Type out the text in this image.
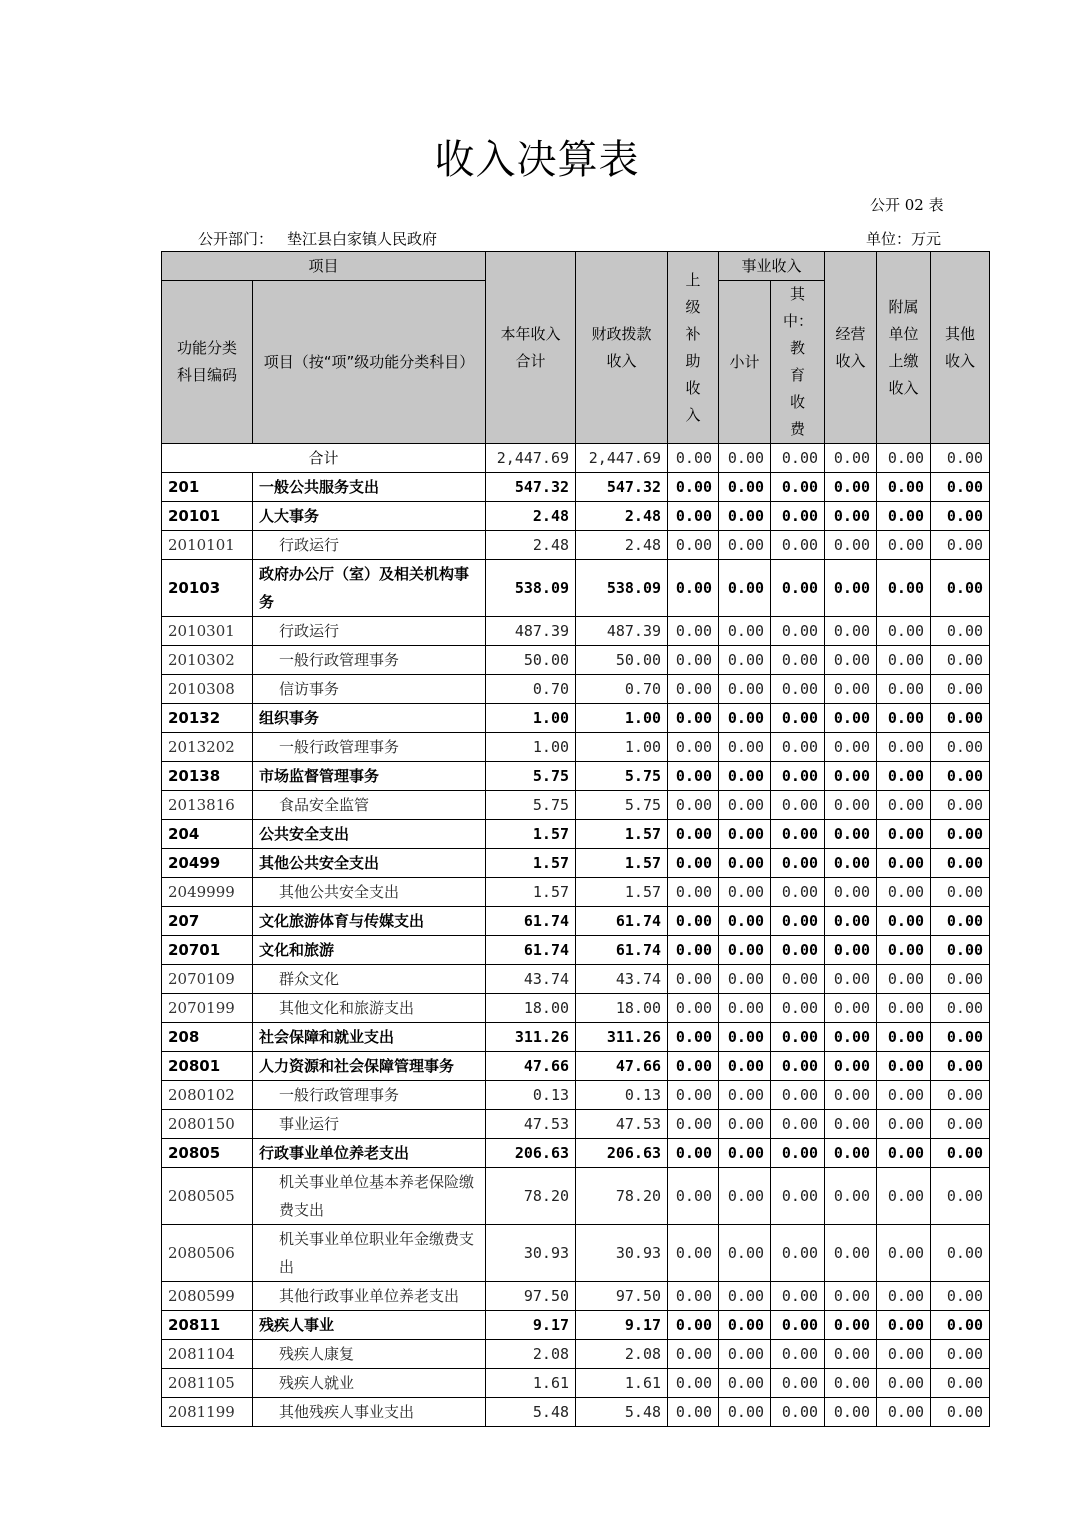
收入决算表
公开 02 表
公开部门： 垫江县白家镇人民政府	单位：万元
项目		本年收入合计	财政拨款收入	上级补助收入	事业收入		经营收入	附属单位上缴收入	其他收入
功能分类科目编码	项目（按“项”级功能分类科目）				小计	其中：教育收费			
合计		2,447.69	2,447.69	0.00	0.00	0.00	0.00	0.00	0.00
201	一般公共服务支出	547.32	547.32	0.00	0.00	0.00	0.00	0.00	0.00
20101	人大事务	2.48	2.48	0.00	0.00	0.00	0.00	0.00	0.00
2010101	行政运行	2.48	2.48	0.00	0.00	0.00	0.00	0.00	0.00
20103	政府办公厅（室）及相关机构事务	538.09	538.09	0.00	0.00	0.00	0.00	0.00	0.00
2010301	行政运行	487.39	487.39	0.00	0.00	0.00	0.00	0.00	0.00
2010302	一般行政管理事务	50.00	50.00	0.00	0.00	0.00	0.00	0.00	0.00
2010308	信访事务	0.70	0.70	0.00	0.00	0.00	0.00	0.00	0.00
20132	组织事务	1.00	1.00	0.00	0.00	0.00	0.00	0.00	0.00
2013202	一般行政管理事务	1.00	1.00	0.00	0.00	0.00	0.00	0.00	0.00
20138	市场监督管理事务	5.75	5.75	0.00	0.00	0.00	0.00	0.00	0.00
2013816	食品安全监管	5.75	5.75	0.00	0.00	0.00	0.00	0.00	0.00
204	公共安全支出	1.57	1.57	0.00	0.00	0.00	0.00	0.00	0.00
20499	其他公共安全支出	1.57	1.57	0.00	0.00	0.00	0.00	0.00	0.00
2049999	其他公共安全支出	1.57	1.57	0.00	0.00	0.00	0.00	0.00	0.00
207	文化旅游体育与传媒支出	61.74	61.74	0.00	0.00	0.00	0.00	0.00	0.00
20701	文化和旅游	61.74	61.74	0.00	0.00	0.00	0.00	0.00	0.00
2070109	群众文化	43.74	43.74	0.00	0.00	0.00	0.00	0.00	0.00
2070199	其他文化和旅游支出	18.00	18.00	0.00	0.00	0.00	0.00	0.00	0.00
208	社会保障和就业支出	311.26	311.26	0.00	0.00	0.00	0.00	0.00	0.00
20801	人力资源和社会保障管理事务	47.66	47.66	0.00	0.00	0.00	0.00	0.00	0.00
2080102	一般行政管理事务	0.13	0.13	0.00	0.00	0.00	0.00	0.00	0.00
2080150	事业运行	47.53	47.53	0.00	0.00	0.00	0.00	0.00	0.00
20805	行政事业单位养老支出	206.63	206.63	0.00	0.00	0.00	0.00	0.00	0.00
2080505	机关事业单位基本养老保险缴费支出	78.20	78.20	0.00	0.00	0.00	0.00	0.00	0.00
2080506	机关事业单位职业年金缴费支出	30.93	30.93	0.00	0.00	0.00	0.00	0.00	0.00
2080599	其他行政事业单位养老支出	97.50	97.50	0.00	0.00	0.00	0.00	0.00	0.00
20811	残疾人事业	9.17	9.17	0.00	0.00	0.00	0.00	0.00	0.00
2081104	残疾人康复	2.08	2.08	0.00	0.00	0.00	0.00	0.00	0.00
2081105	残疾人就业	1.61	1.61	0.00	0.00	0.00	0.00	0.00	0.00
2081199	其他残疾人事业支出	5.48	5.48	0.00	0.00	0.00	0.00	0.00	0.00
